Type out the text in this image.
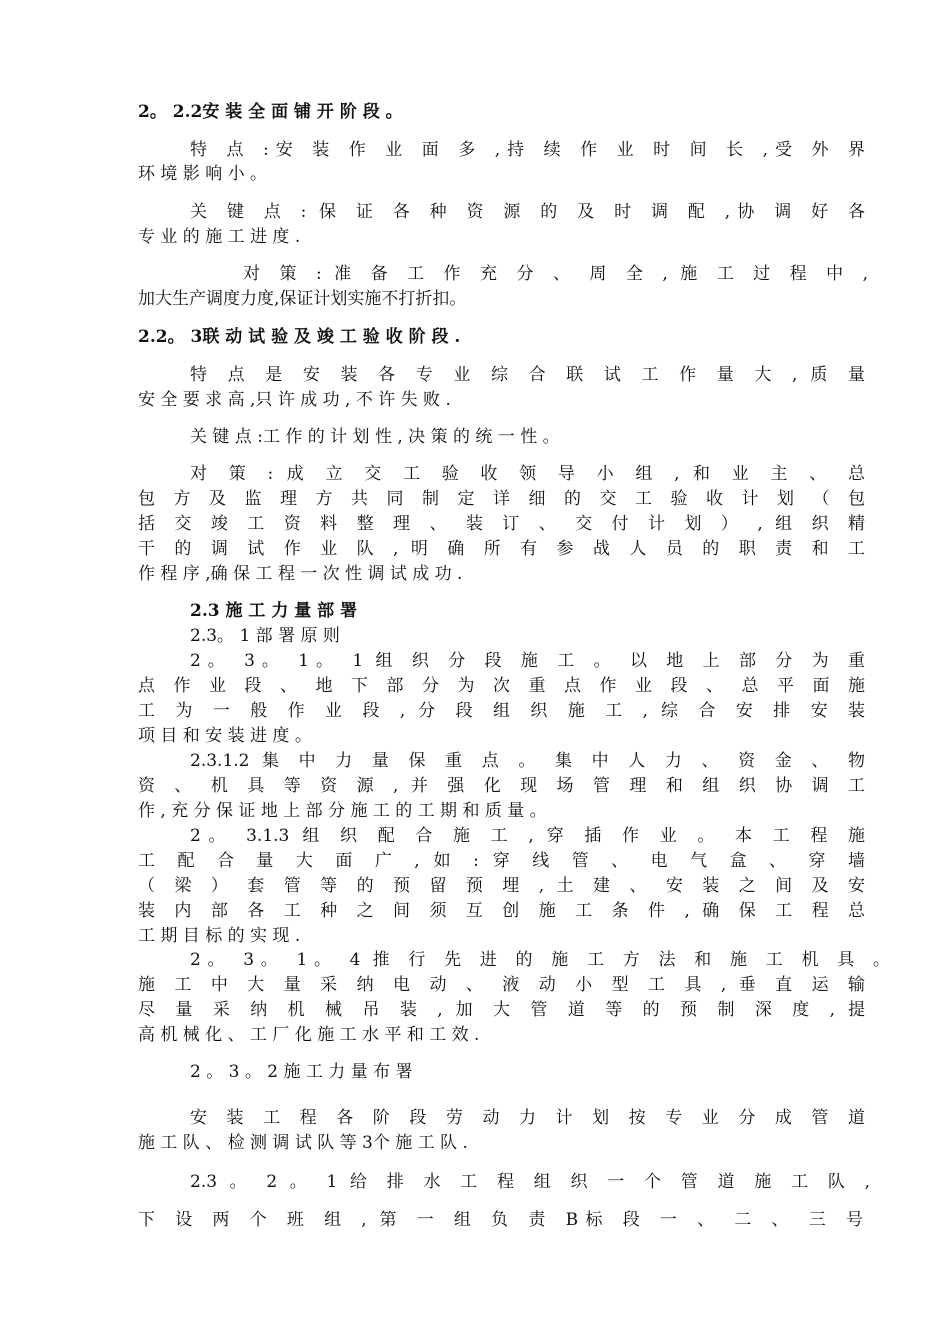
2。 2.2安 装 全 面 铺 开 阶 段 。
特 点 :安 装 作 业 面 多 ,持 续 作 业 时 间 长 ,受 外 界
环 境 影 响 小 。
关 键 点 : 保 证 各 种 资 源 的 及 时 调 配 ,协 调 好 各
专 业 的 施 工 进 度 .
对 策 : 准 备 工 作 充 分 、 周 全 , 施 工 过 程 中 ,
加大生产调度力度,保证计划实施不打折扣。
2.2。 3联 动 试 验 及 竣 工 验 收 阶 段 .
特 点 是 安 装 各 专 业 综 合 联 试 工 作 量 大 , 质 量
安 全 要 求 高 ,只 许 成 功 , 不 许 失 败 .
关 键 点 :工 作 的 计 划 性 , 决 策 的 统 一 性 。
对 策 : 成 立 交 工 验 收 领 导 小 组 , 和 业 主 、 总
包 方 及 监 理 方 共 同 制 定 详 细 的 交 工 验 收 计 划 （ 包
括 交 竣 工 资 料 整 理 、 装 订 、 交 付 计 划 ） , 组 织 精
干 的 调 试 作 业 队 , 明 确 所 有 参 战 人 员 的 职 责 和 工
作 程 序 ,确 保 工 程 一 次 性 调 试 成 功 .
2.3 施 工 力 量 部 署
2.3。 1 部 署 原 则
2。 3。 1。 1 组 织 分 段 施 工 。 以 地 上 部 分 为 重
点 作 业 段 、 地 下 部 分 为 次 重 点 作 业 段 、 总 平 面 施
工 为 一 般 作 业 段 , 分 段 组 织 施 工 , 综 合 安 排 安 装
项 目 和 安 装 进 度 。
2.3.1.2 集 中 力 量 保 重 点 。 集 中 人 力 、 资 金 、 物
资 、 机 具 等 资 源 , 并 强 化 现 场 管 理 和 组 织 协 调 工
作 , 充 分 保 证 地 上 部 分 施 工 的 工 期 和 质 量 。
2。 3.1.3 组 织 配 合 施 工 , 穿 插 作 业 。 本 工 程 施
工 配 合 量 大 面 广 , 如 : 穿 线 管 、 电 气 盒 、 穿 墙
（ 梁 ） 套 管 等 的 预 留 预 埋 , 土 建 、 安 装 之 间 及 安
装 内 部 各 工 种 之 间 须 互 创 施 工 条 件 , 确 保 工 程 总
工 期 目 标 的 实 现 .
2。 3。 1。 4 推 行 先 进 的 施 工 方 法 和 施 工 机 具 。
施 工 中 大 量 采 纳 电 动 、 液 动 小 型 工 具 , 垂 直 运 输
尽 量 采 纳 机 械 吊 装 , 加 大 管 道 等 的 预 制 深 度 , 提
高 机 械 化 、 工 厂 化 施 工 水 平 和 工 效 .
2 。 3 。 2 施 工 力 量 布 署
安 装 工 程 各 阶 段 劳 动 力 计 划 按 专 业 分 成 管 道
施 工 队 、 检 测 调 试 队 等 3个 施 工 队 .
2.3 。 2 。 1 给 排 水 工 程 组 织 一 个 管 道 施 工 队 ,
下 设 两 个 班 组 , 第 一 组 负 责 B标 段 一 、 二 、 三 号
